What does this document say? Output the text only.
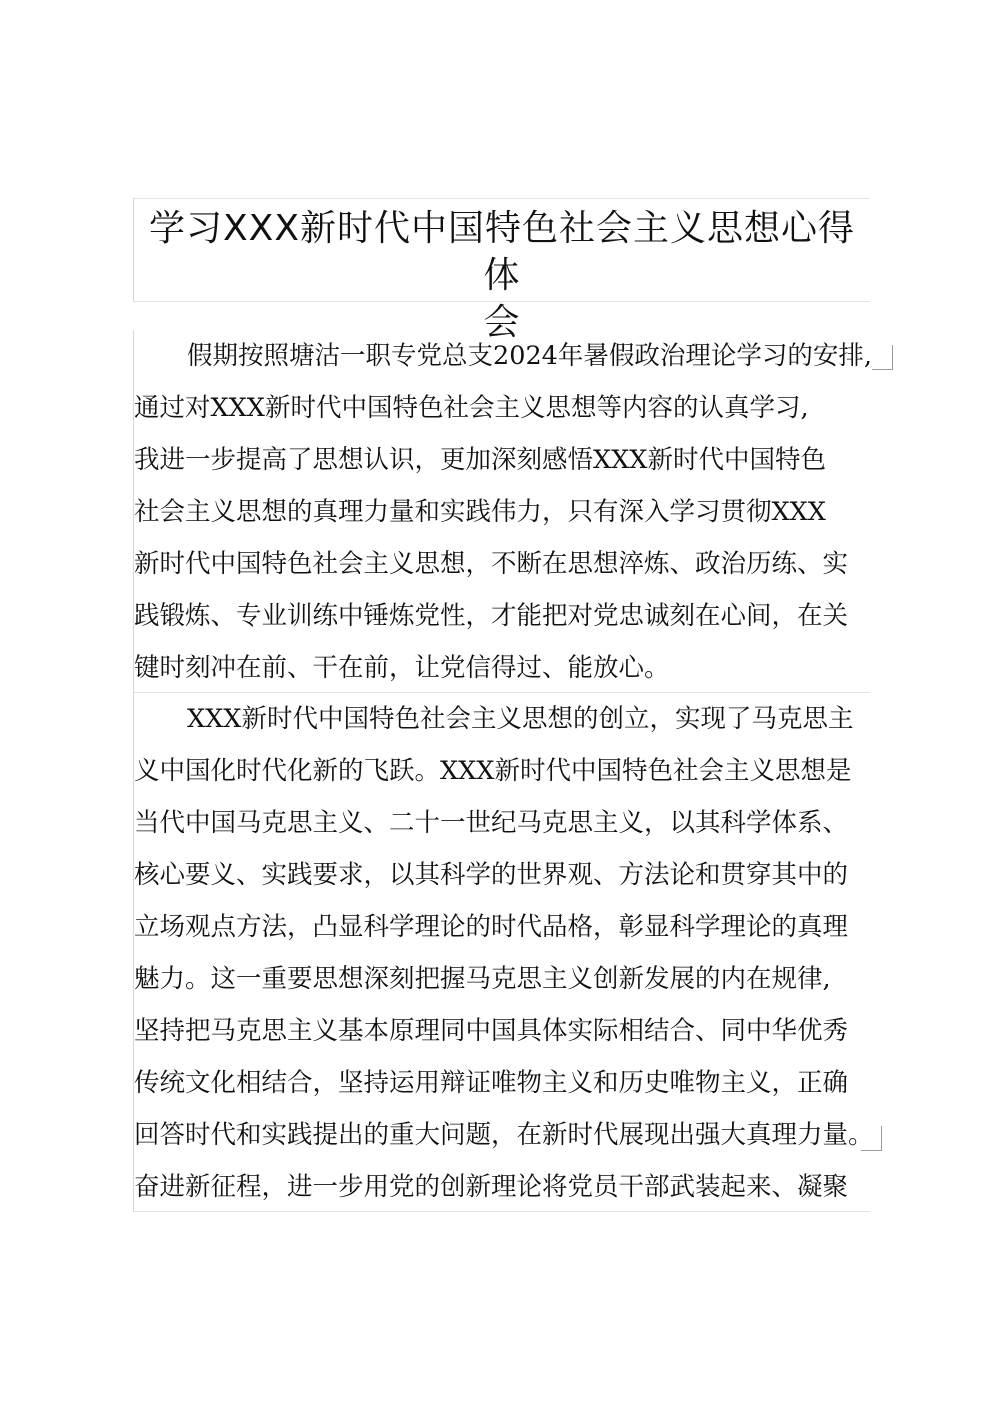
学习XXX新时代中国特色社会主义思想心得体
会
假期按照塘沽一职专党总支2024年暑假政治理论学习的安排,
通过对XXX新时代中国特色社会主义思想等内容的认真学习,
我进一步提高了思想认识，更加深刻感悟XXX新时代中国特色
社会主义思想的真理力量和实践伟力，只有深入学习贯彻XXX
新时代中国特色社会主义思想，不断在思想淬炼、政治历练、实
践锻炼、专业训练中锤炼党性，才能把对党忠诚刻在心间，在关
键时刻冲在前、干在前，让党信得过、能放心。
XXX新时代中国特色社会主义思想的创立，实现了马克思主
义中国化时代化新的飞跃。XXX新时代中国特色社会主义思想是
当代中国马克思主义、二十一世纪马克思主义，以其科学体系、
核心要义、实践要求，以其科学的世界观、方法论和贯穿其中的
立场观点方法，凸显科学理论的时代品格，彰显科学理论的真理
魅力。这一重要思想深刻把握马克思主义创新发展的内在规律,
坚持把马克思主义基本原理同中国具体实际相结合、同中华优秀
传统文化相结合，坚持运用辩证唯物主义和历史唯物主义，正确
回答时代和实践提出的重大问题，在新时代展现出强大真理力量。
奋进新征程，进一步用党的创新理论将党员干部武装起来、凝聚
